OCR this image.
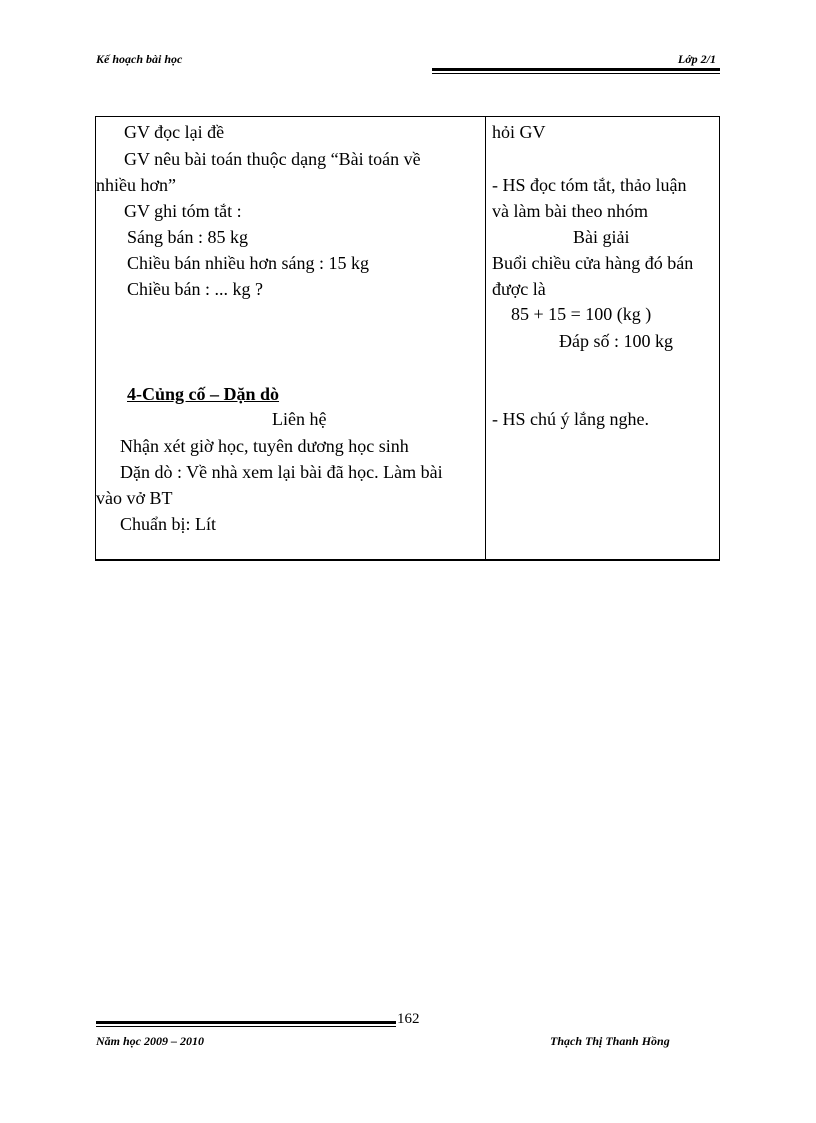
Kế hoạch bài học	Lớp 2/1
GV đọc lại đề
GV nêu bài toán thuộc dạng “Bài toán về
nhiều hơn”
GV ghi tóm tắt :
Sáng bán : 85 kg
Chiều bán nhiều hơn sáng : 15 kg
Chiều bán : ... kg ?
4-Củng cố – Dặn dò
Liên hệ
Nhận xét giờ học, tuyên dương học sinh
Dặn dò : Về nhà xem lại bài đã học. Làm bài
vào vở BT
Chuẩn bị: Lít
hỏi GV
- HS đọc tóm tắt, thảo luận
và làm bài theo nhóm
Bài giải
Buổi chiều cửa hàng đó bán
được là
85 + 15 = 100 (kg )
Đáp số : 100 kg
- HS chú ý lắng nghe.
162
Năm học 2009 – 2010	Thạch Thị Thanh Hồng
